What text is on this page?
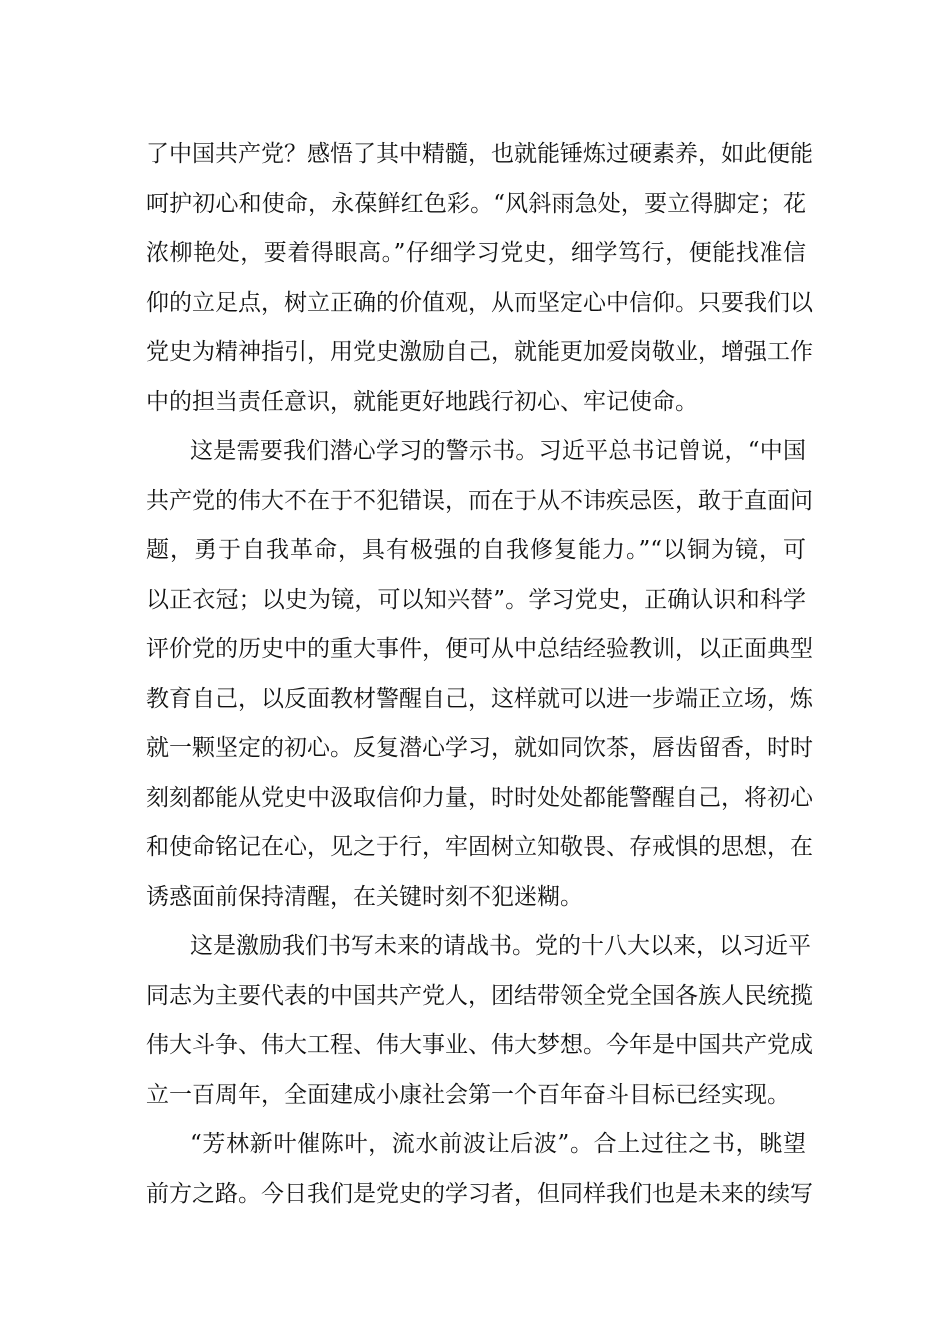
了中国共产党？感悟了其中精髓，也就能锤炼过硬素养，如此便能
呵护初心和使命，永葆鲜红色彩。“风斜雨急处，要立得脚定；花
浓柳艳处，要着得眼高。”仔细学习党史，细学笃行，便能找准信
仰的立足点，树立正确的价值观，从而坚定心中信仰。只要我们以
党史为精神指引，用党史激励自己，就能更加爱岗敬业，增强工作
中的担当责任意识，就能更好地践行初心、牢记使命。
这是需要我们潜心学习的警示书。习近平总书记曾说，“中国
共产党的伟大不在于不犯错误，而在于从不讳疾忌医，敢于直面问
题，勇于自我革命，具有极强的自我修复能力。”“以铜为镜，可
以正衣冠；以史为镜，可以知兴替”。学习党史，正确认识和科学
评价党的历史中的重大事件，便可从中总结经验教训，以正面典型
教育自己，以反面教材警醒自己，这样就可以进一步端正立场，炼
就一颗坚定的初心。反复潜心学习，就如同饮茶，唇齿留香，时时
刻刻都能从党史中汲取信仰力量，时时处处都能警醒自己，将初心
和使命铭记在心，见之于行，牢固树立知敬畏、存戒惧的思想，在
诱惑面前保持清醒，在关键时刻不犯迷糊。
这是激励我们书写未来的请战书。党的十八大以来，以习近平
同志为主要代表的中国共产党人，团结带领全党全国各族人民统揽
伟大斗争、伟大工程、伟大事业、伟大梦想。今年是中国共产党成
立一百周年，全面建成小康社会第一个百年奋斗目标已经实现。
“芳林新叶催陈叶，流水前波让后波”。合上过往之书，眺望
前方之路。今日我们是党史的学习者，但同样我们也是未来的续写
